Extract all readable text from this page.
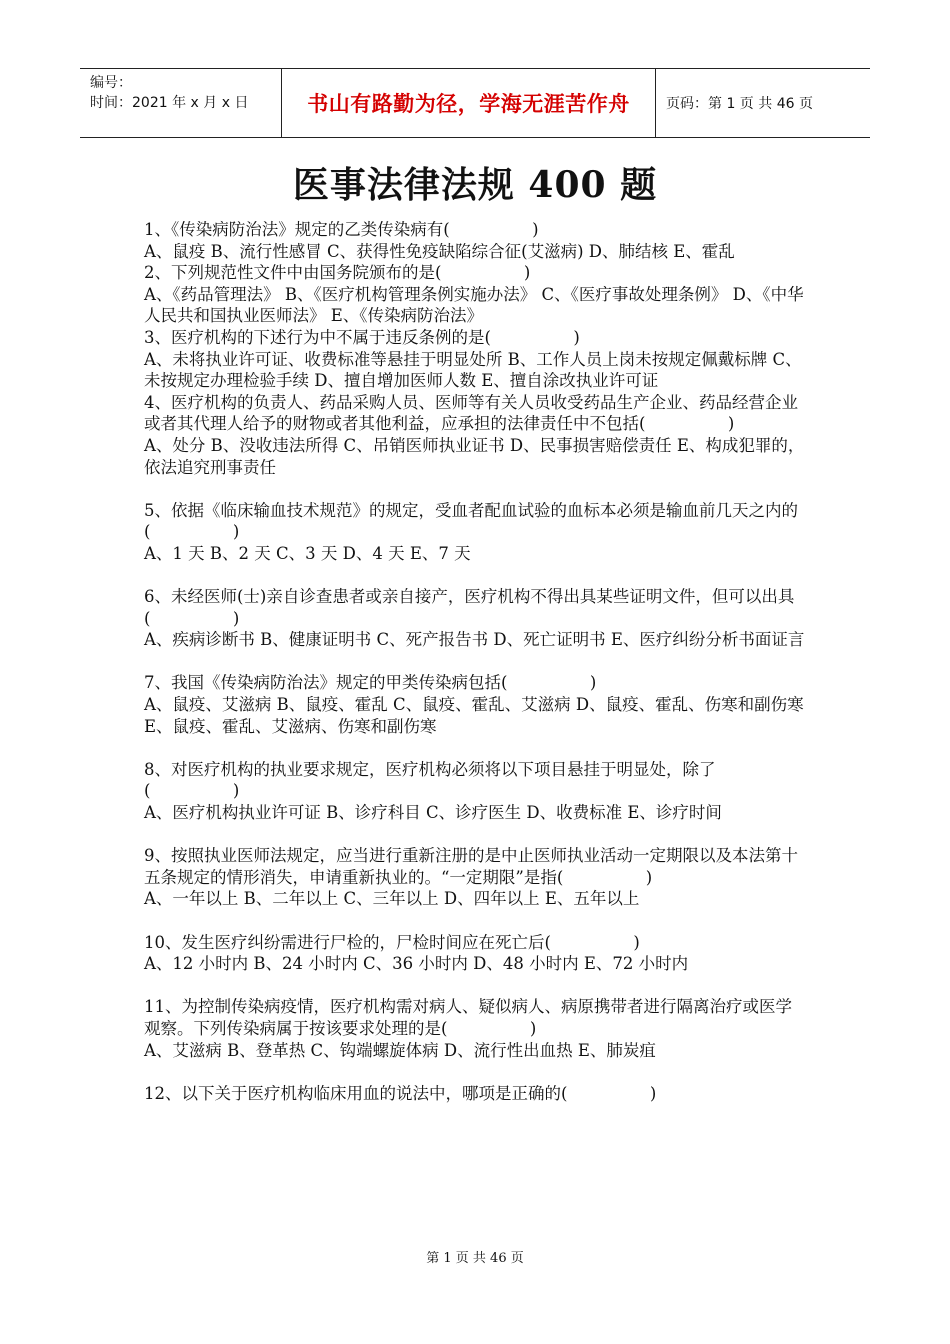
编号：
时间：2021 年 x 月 x 日	书山有路勤为径，学海无涯苦作舟	页码：第 1 页 共 46 页
医事法律法规 400 题

1、《传染病防治法》规定的乙类传染病有(　　　　　)

A、鼠疫 B、流行性感冒 C、获得性免疫缺陷综合征(艾滋病) D、肺结核 E、霍乱

2、下列规范性文件中由国务院颁布的是(　　　　　)

A、《药品管理法》 B、《医疗机构管理条例实施办法》 C、《医疗事故处理条例》 D、《中华人民共和国执业医师法》 E、《传染病防治法》

3、医疗机构的下述行为中不属于违反条例的是(　　　　　)

A、未将执业许可证、收费标准等悬挂于明显处所 B、工作人员上岗未按规定佩戴标牌 C、未按规定办理检验手续 D、擅自增加医师人数 E、擅自涂改执业许可证

4、医疗机构的负责人、药品采购人员、医师等有关人员收受药品生产企业、药品经营企业或者其代理人给予的财物或者其他利益，应承担的法律责任中不包括(　　　　　)

A、处分 B、没收违法所得 C、吊销医师执业证书 D、民事损害赔偿责任 E、构成犯罪的，依法追究刑事责任

5、依据《临床输血技术规范》的规定，受血者配血试验的血标本必须是输血前几天之内的(　　　　　)

A、1 天 B、2 天 C、3 天 D、4 天 E、7 天

6、未经医师(士)亲自诊查患者或亲自接产，医疗机构不得出具某些证明文件，但可以出具(　　　　　)

A、疾病诊断书 B、健康证明书 C、死产报告书 D、死亡证明书 E、医疗纠纷分析书面证言

7、我国《传染病防治法》规定的甲类传染病包括(　　　　　)

A、鼠疫、艾滋病 B、鼠疫、霍乱 C、鼠疫、霍乱、艾滋病 D、鼠疫、霍乱、伤寒和副伤寒 E、鼠疫、霍乱、艾滋病、伤寒和副伤寒

8、对医疗机构的执业要求规定，医疗机构必须将以下项目悬挂于明显处，除了(　　　　　)

A、医疗机构执业许可证 B、诊疗科目 C、诊疗医生 D、收费标准 E、诊疗时间

9、按照执业医师法规定，应当进行重新注册的是中止医师执业活动一定期限以及本法第十五条规定的情形消失，申请重新执业的。“一定期限”是指(　　　　　)

A、一年以上 B、二年以上 C、三年以上 D、四年以上 E、五年以上

10、发生医疗纠纷需进行尸检的，尸检时间应在死亡后(　　　　　)

A、12 小时内 B、24 小时内 C、36 小时内 D、48 小时内 E、72 小时内

11、为控制传染病疫情，医疗机构需对病人、疑似病人、病原携带者进行隔离治疗或医学观察。下列传染病属于按该要求处理的是(　　　　　)

A、艾滋病 B、登革热 C、钩端螺旋体病 D、流行性出血热 E、肺炭疽

12、以下关于医疗机构临床用血的说法中，哪项是正确的(　　　　　)

第 1 页 共 46 页
